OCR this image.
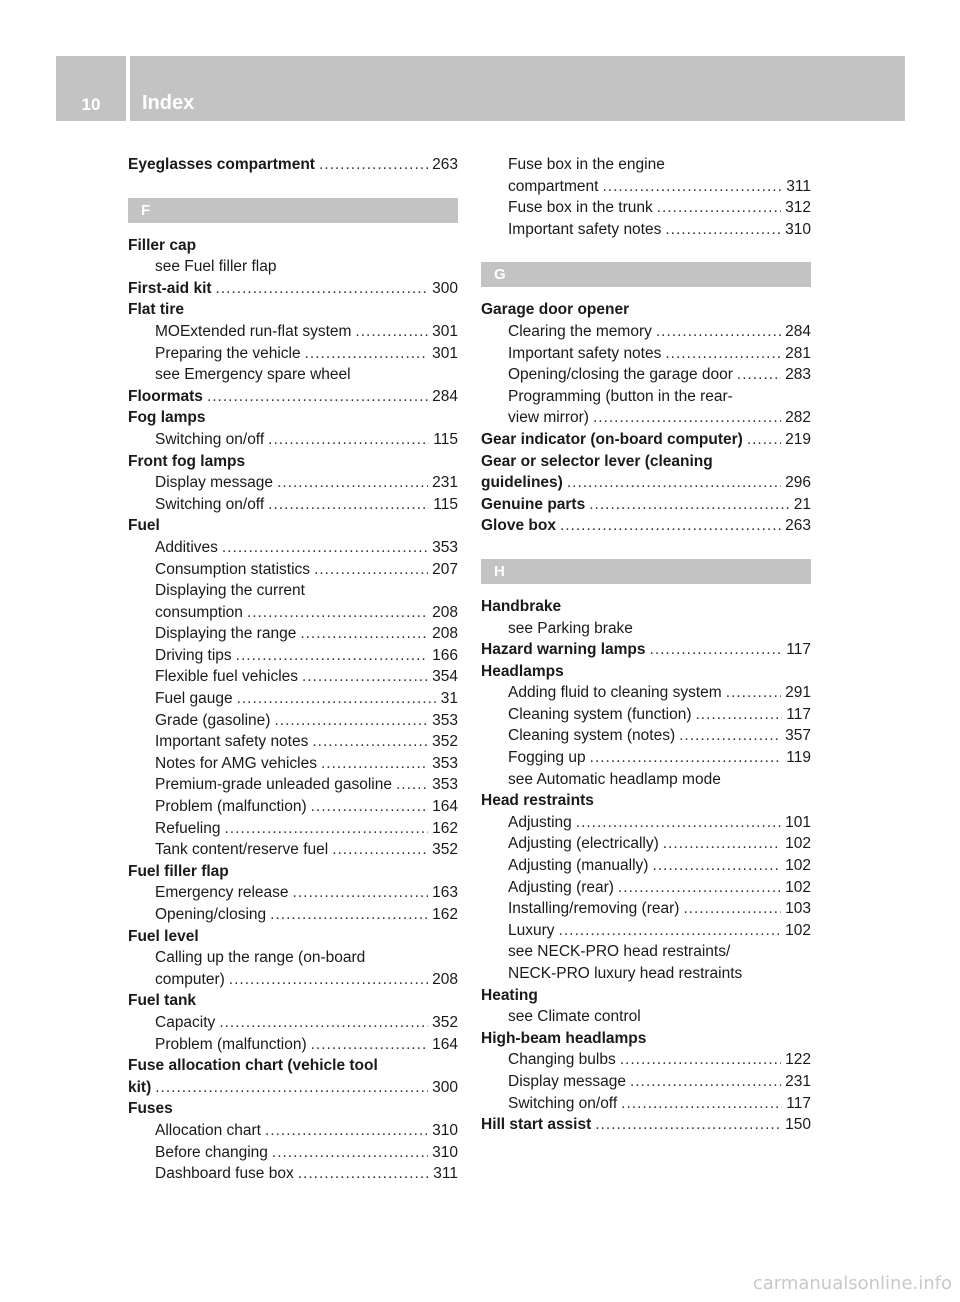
10	Index
Eyeglasses compartment .....	263
F
Filler cap
see Fuel filler flap
First-aid kit .....	300
Flat tire
MOExtended run-flat system .....	301
Preparing the vehicle .....	301
see Emergency spare wheel
Floormats .....	284
Fog lamps
Switching on/off .....	115
Front fog lamps
Display message .....	231
Switching on/off .....	115
Fuel
Additives .....	353
Consumption statistics .....	207
Displaying the current
consumption .....	208
Displaying the range .....	208
Driving tips .....	166
Flexible fuel vehicles .....	354
Fuel gauge .....	31
Grade (gasoline) .....	353
Important safety notes .....	352
Notes for AMG vehicles .....	353
Premium-grade unleaded gasoline .....	353
Problem (malfunction) .....	164
Refueling .....	162
Tank content/reserve fuel .....	352
Fuel filler flap
Emergency release .....	163
Opening/closing .....	162
Fuel level
Calling up the range (on-board
computer) .....	208
Fuel tank
Capacity .....	352
Problem (malfunction) .....	164
Fuse allocation chart (vehicle tool
kit) .....	300
Fuses
Allocation chart .....	310
Before changing .....	310
Dashboard fuse box .....	311
Fuse box in the engine
compartment .....	311
Fuse box in the trunk .....	312
Important safety notes .....	310
G
Garage door opener
Clearing the memory .....	284
Important safety notes .....	281
Opening/closing the garage door .....	283
Programming (button in the rear-
view mirror) .....	282
Gear indicator (on-board computer) .....	219
Gear or selector lever (cleaning
guidelines) .....	296
Genuine parts .....	21
Glove box .....	263
H
Handbrake
see Parking brake
Hazard warning lamps .....	117
Headlamps
Adding fluid to cleaning system .....	291
Cleaning system (function) .....	117
Cleaning system (notes) .....	357
Fogging up .....	119
see Automatic headlamp mode
Head restraints
Adjusting .....	101
Adjusting (electrically) .....	102
Adjusting (manually) .....	102
Adjusting (rear) .....	102
Installing/removing (rear) .....	103
Luxury .....	102
see NECK-PRO head restraints/
NECK-PRO luxury head restraints
Heating
see Climate control
High-beam headlamps
Changing bulbs .....	122
Display message .....	231
Switching on/off .....	117
Hill start assist .....	150
carmanualsonline.info
